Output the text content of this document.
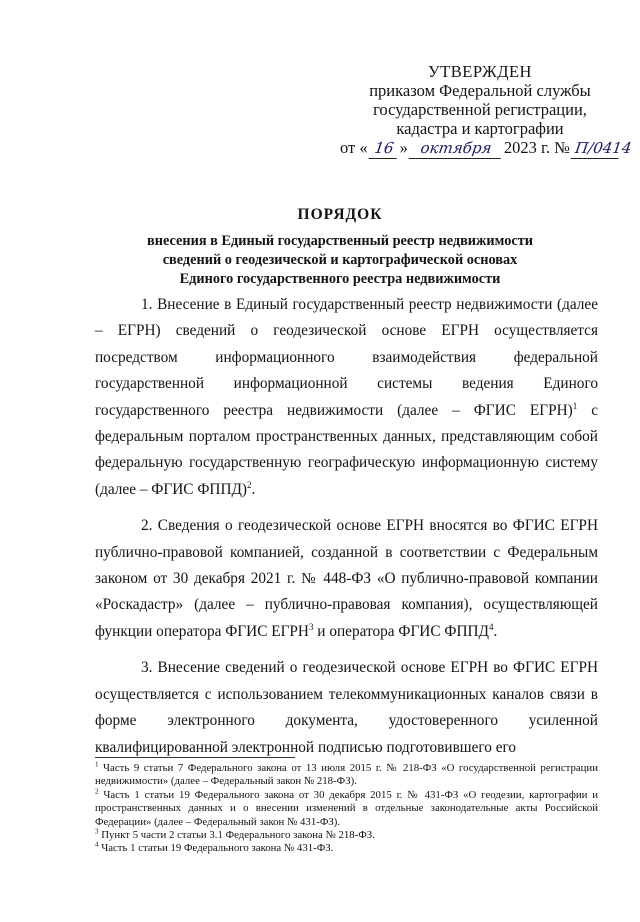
УТВЕРЖДЕН
приказом Федеральной службы
государственной регистрации,
кадастра и картографии
от « 16 » октября 2023 г. № П/0414
ПОРЯДОК
внесения в Единый государственный реестр недвижимости
сведений о геодезической и картографической основах
Единого государственного реестра недвижимости

1. Внесение в Единый государственный реестр недвижимости (далее – ЕГРН) сведений о геодезической основе ЕГРН осуществляется посредством информационного взаимодействия федеральной государственной информационной системы ведения Единого государственного реестра недвижимости (далее – ФГИС ЕГРН)$^1$ с федеральным порталом пространственных данных, представляющим собой федеральную государственную географическую информационную систему (далее – ФГИС ФППД)$^2$.

2. Сведения о геодезической основе ЕГРН вносятся во ФГИС ЕГРН публично-правовой компанией, созданной в соответствии с Федеральным законом от 30 декабря 2021 г. № 448-ФЗ «О публично-правовой компании «Роскадастр» (далее – публично-правовая компания), осуществляющей функции оператора ФГИС ЕГРН$^3$ и оператора ФГИС ФППД$^4$.

3. Внесение сведений о геодезической основе ЕГРН во ФГИС ЕГРН осуществляется с использованием телекоммуникационных каналов связи в форме электронного документа, удостоверенного усиленной квалифицированной электронной подписью подготовившего его

$^1$ Часть 9 статьи 7 Федерального закона от 13 июля 2015 г. № 218-ФЗ «О государственной регистрации недвижимости» (далее – Федеральный закон № 218-ФЗ).
$^2$ Часть 1 статьи 19 Федерального закона от 30 декабря 2015 г. № 431-ФЗ «О геодезии, картографии и пространственных данных и о внесении изменений в отдельные законодательные акты Российской Федерации» (далее – Федеральный закон № 431-ФЗ).
$^3$ Пункт 5 части 2 статьи 3.1 Федерального закона № 218-ФЗ.
$^4$ Часть 1 статьи 19 Федерального закона № 431-ФЗ.
